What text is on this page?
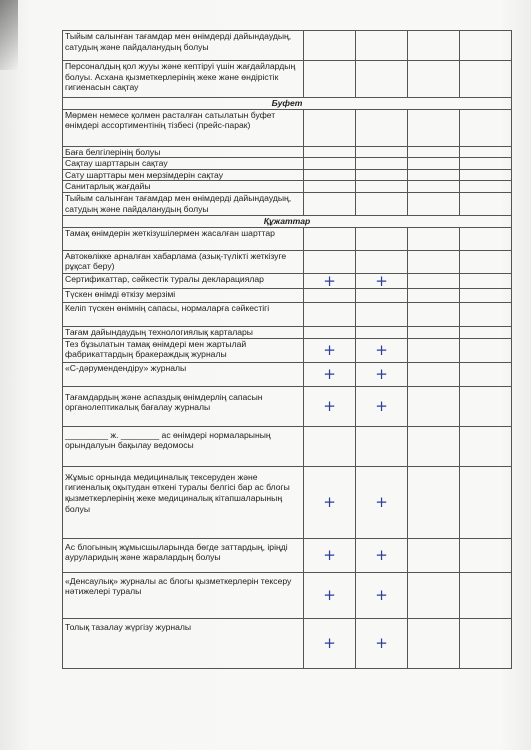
Тыйым салынған тағамдар мен өнімдерді дайындаудың, сатудың және пайдаланудың болуы				
Персоналдың қол жууы және кептіруі үшін жағдайлардың болуы. Асхана қызметкерлерінің жеке және өндірістік гигиенасын сақтау				
Буфет				
Мөрмен немесе қолмен расталған сатылатын буфет өнімдері ассортиментінің тізбесі (прейс-парак)				
Баға белгілерінің болуы				
Сақтау шарттарын сақтау				
Сату шарттары мен мерзімдерін сақтау				
Санитарлық жағдайы				
Тыйым салынған тағамдар мен өнімдерді дайындаудың, сатудың және пайдаланудың болуы				
Құжаттар				
Тамақ өнімдерін жеткізушілермен жасалған шарттар				
Автокөлікке арналған хабарлама (азық-түлікті жеткізуге рұқсат беру)				
Сертификаттар, сәйкестік туралы декларациялар	+	+		
Түскен өнімді өткізу мерзімі				
Келіп түскен өнімнің сапасы, нормаларға сәйкестігі				
Тағам дайындаудың технологиялық карталары				
Тез бұзылатын тамақ өнімдері мен жартылай фабрикаттардың бракераждық журналы	+	+		
«С-дәрумендендіру» журналы	+	+		
Тағамдардың және аспаздық өнімдерлің сапасын органолептикалық бағалау журналы	+	+		
_________ ж. ________ ас өнімдері нормаларының орындалуын бақылау ведомосы				
Жұмыс орнында медициналық тексеруден және гигиеналық оқытудан өткені туралы белгісі бар ас блогы қызметкерлерінің жеке медициналық кітапшаларының болуы	+	+		
Ас блогының жұмысшыларында бөгде заттардың, іріңді ауруларидың және жаралардың болуы	+	+		
«Денсаулық» журналы ас блогы қызметкерлерін тексеру нәтижелері туралы	+	+		
Толық тазалау жүргізу журналы	+	+		
